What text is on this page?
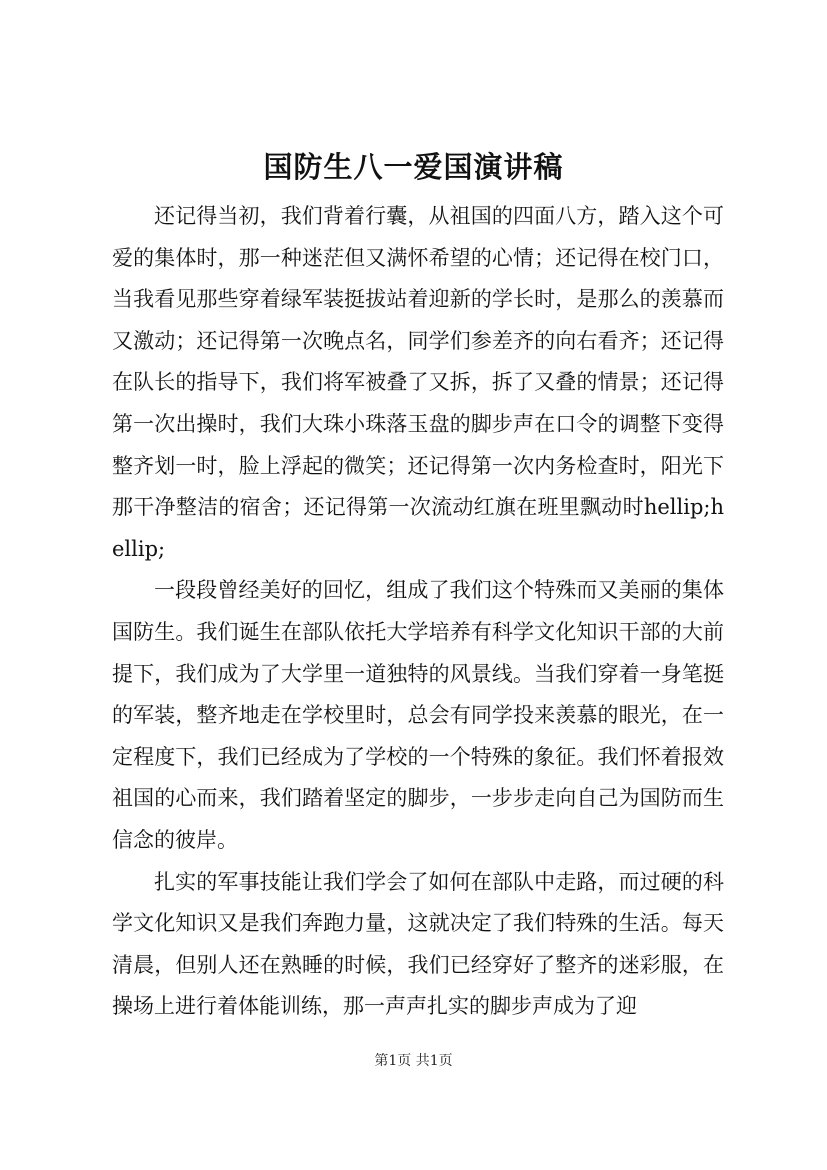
国防生八一爱国演讲稿

还记得当初，我们背着行囊，从祖国的四面八方，踏入这个可爱的集体时，那一种迷茫但又满怀希望的心情；还记得在校门口，当我看见那些穿着绿军装挺拔站着迎新的学长时，是那么的羡慕而又激动；还记得第一次晚点名，同学们参差齐的向右看齐；还记得在队长的指导下，我们将军被叠了又拆，拆了又叠的情景；还记得第一次出操时，我们大珠小珠落玉盘的脚步声在口令的调整下变得整齐划一时，脸上浮起的微笑；还记得第一次内务检查时，阳光下那干净整洁的宿舍；还记得第一次流动红旗在班里飘动时hellip;hellip;

一段段曾经美好的回忆，组成了我们这个特殊而又美丽的集体国防生。我们诞生在部队依托大学培养有科学文化知识干部的大前提下，我们成为了大学里一道独特的风景线。当我们穿着一身笔挺的军装，整齐地走在学校里时，总会有同学投来羡慕的眼光，在一定程度下，我们已经成为了学校的一个特殊的象征。我们怀着报效祖国的心而来，我们踏着坚定的脚步，一步步走向自己为国防而生信念的彼岸。

扎实的军事技能让我们学会了如何在部队中走路，而过硬的科学文化知识又是我们奔跑力量，这就决定了我们特殊的生活。每天清晨，但别人还在熟睡的时候，我们已经穿好了整齐的迷彩服，在操场上进行着体能训练，那一声声扎实的脚步声成为了迎

第1页 共1页
